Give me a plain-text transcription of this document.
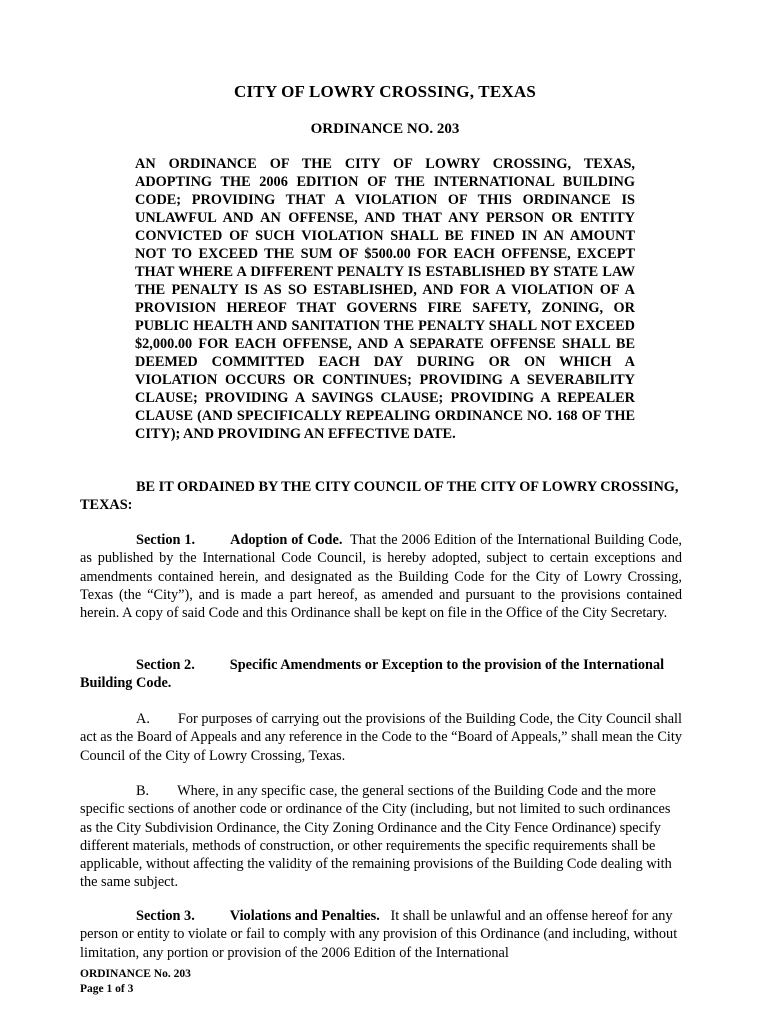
CITY OF LOWRY CROSSING, TEXAS
ORDINANCE NO. 203
AN ORDINANCE OF THE CITY OF LOWRY CROSSING, TEXAS, ADOPTING THE 2006 EDITION OF THE INTERNATIONAL BUILDING CODE; PROVIDING THAT A VIOLATION OF THIS ORDINANCE IS UNLAWFUL AND AN OFFENSE, AND THAT ANY PERSON OR ENTITY CONVICTED OF SUCH VIOLATION SHALL BE FINED IN AN AMOUNT NOT TO EXCEED THE SUM OF $500.00 FOR EACH OFFENSE, EXCEPT THAT WHERE A DIFFERENT PENALTY IS ESTABLISHED BY STATE LAW THE PENALTY IS AS SO ESTABLISHED, AND FOR A VIOLATION OF A PROVISION HEREOF THAT GOVERNS FIRE SAFETY, ZONING, OR PUBLIC HEALTH AND SANITATION THE PENALTY SHALL NOT EXCEED $2,000.00 FOR EACH OFFENSE, AND A SEPARATE OFFENSE SHALL BE DEEMED COMMITTED EACH DAY DURING OR ON WHICH A VIOLATION OCCURS OR CONTINUES; PROVIDING A SEVERABILITY CLAUSE; PROVIDING A SAVINGS CLAUSE; PROVIDING A REPEALER CLAUSE (AND SPECIFICALLY REPEALING ORDINANCE NO. 168 OF THE CITY); AND PROVIDING AN EFFECTIVE DATE.
BE IT ORDAINED BY THE CITY COUNCIL OF THE CITY OF LOWRY CROSSING, TEXAS:
Section 1. Adoption of Code. That the 2006 Edition of the International Building Code, as published by the International Code Council, is hereby adopted, subject to certain exceptions and amendments contained herein, and designated as the Building Code for the City of Lowry Crossing, Texas (the “City”), and is made a part hereof, as amended and pursuant to the provisions contained herein. A copy of said Code and this Ordinance shall be kept on file in the Office of the City Secretary.
Section 2. Specific Amendments or Exception to the provision of the International Building Code.
A. For purposes of carrying out the provisions of the Building Code, the City Council shall act as the Board of Appeals and any reference in the Code to the “Board of Appeals,” shall mean the City Council of the City of Lowry Crossing, Texas.
B. Where, in any specific case, the general sections of the Building Code and the more specific sections of another code or ordinance of the City (including, but not limited to such ordinances as the City Subdivision Ordinance, the City Zoning Ordinance and the City Fence Ordinance) specify different materials, methods of construction, or other requirements the specific requirements shall be applicable, without affecting the validity of the remaining provisions of the Building Code dealing with the same subject.
Section 3. Violations and Penalties. It shall be unlawful and an offense hereof for any person or entity to violate or fail to comply with any provision of this Ordinance (and including, without limitation, any portion or provision of the 2006 Edition of the International
ORDINANCE No. 203
Page 1 of 3
